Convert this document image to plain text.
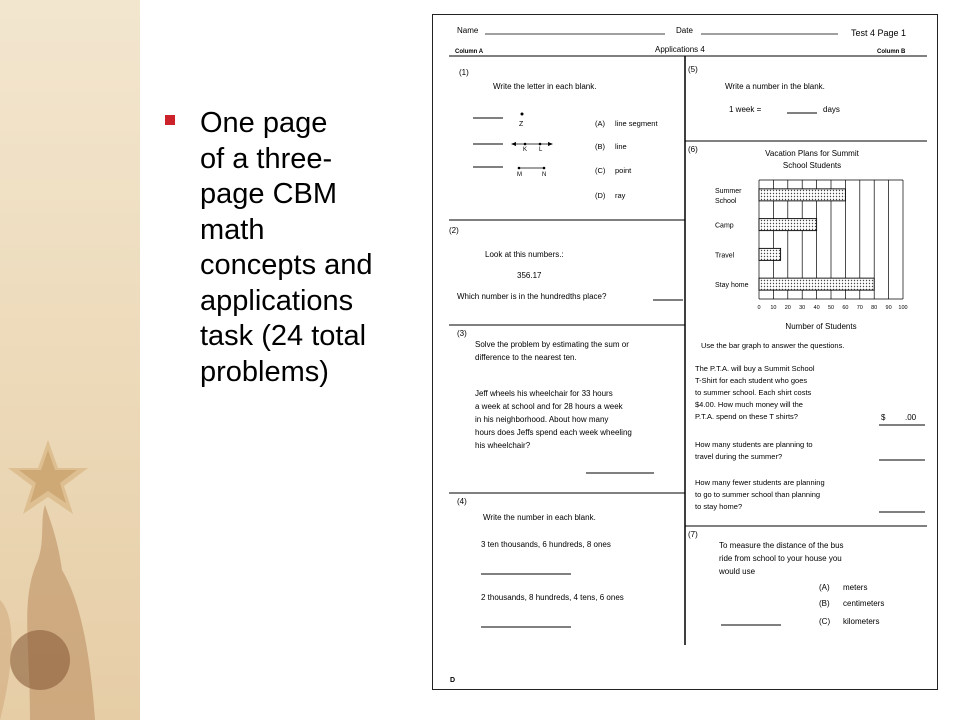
One page
of a three-
page CBM
math
concepts and
applications
task (24 total
problems)
Name	Date	Test 4 Page 1
Column A	Applications 4	Column B
(1)
Write the letter in each blank.
Z
K L
M	N
(A) line segment
(B) line
(C) point
(D) ray
(2)
Look at this numbers.:
356.17
Which number is in the hundredths place?
(3)
Solve the problem by estimating the sum or
difference to the nearest ten.
Jeff wheels his wheelchair for 33 hours
a week at school and for 28 hours a week
in his neighborhood. About how many
hours does Jeffs spend each week wheeling
his wheelchair?
(4)
Write the number in each blank.
3 ten thousands, 6 hundreds, 8 ones
2 thousands, 8 hundreds, 4 tens, 6 ones
(5)
Write a number in the blank.
1 week =	days
(6)	Vacation Plans for Summit
School Students
0 10 20 30 40 50 60 70 80 90 100
Summer
School
Camp
Travel
Stay home
Number of Students
Use the bar graph to answer the questions.
The P.T.A. will buy a Summit School
T-Shirt for each student who goes
to summer school. Each shirt costs
$4.00. How much money will the
P.T.A. spend on these T shirts?	$ .00
How many students are planning to
travel during the summer?
How many fewer students are planning
to go to summer school than planning
to stay home?
(7)
To measure the distance of the bus
ride from school to your house you
would use
(A) meters
(B) centimeters
(C) kilometers
D
